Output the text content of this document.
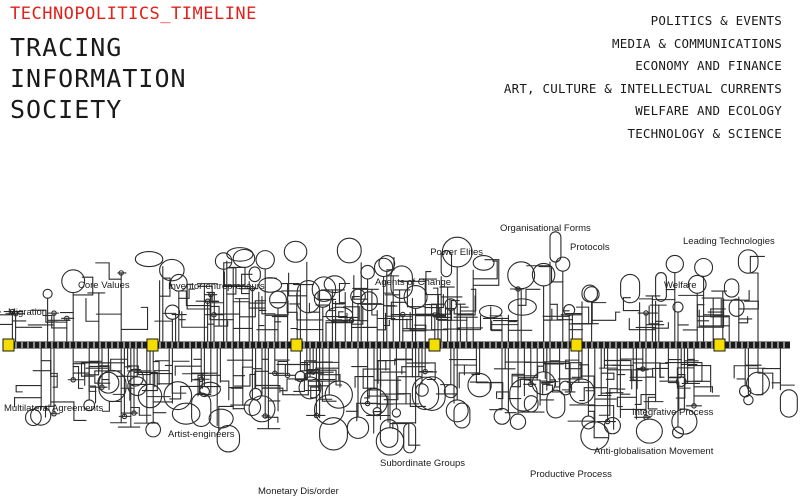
TECHNOPOLITICS_TIMELINE
TRACING
INFORMATION
SOCIETY
POLITICS & EVENTS
MEDIA & COMMUNICATIONS
ECONOMY AND FINANCE
ART, CULTURE & INTELLECTUAL CURRENTS
WELFARE AND ECOLOGY
TECHNOLOGY & SCIENCE
Migration
Core Values	Inventor-entrepreneurs	Agents of Change
Power Elites
Organisational Forms
Protocols
Welfare
Leading Technologies
Multilateral Agreements
Artist-engineers
Monetary Dis/order
Subordinate Groups
Productive Process
Anti-globalisation Movement
Integrative Process
